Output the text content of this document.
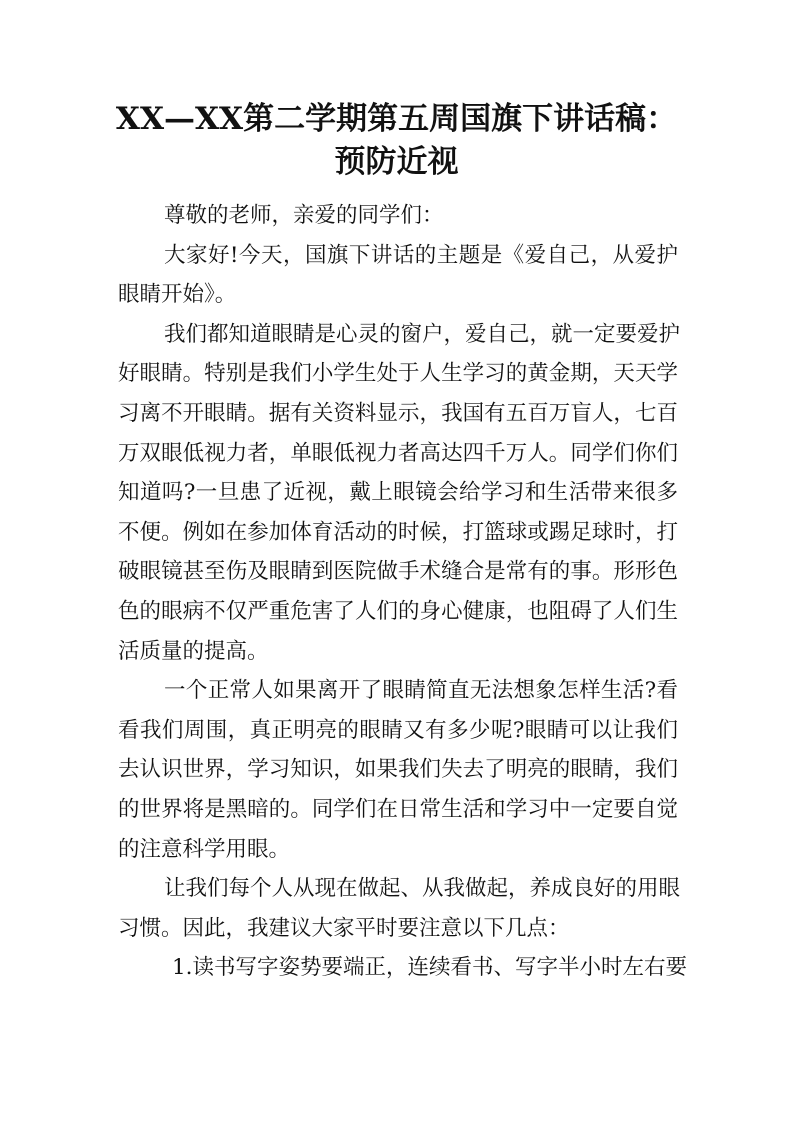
XX—XX第二学期第五周国旗下讲话稿：
预防近视
尊敬的老师，亲爱的同学们：
大家好!今天，国旗下讲话的主题是《爱自己，从爱护
眼睛开始》。
我们都知道眼睛是心灵的窗户，爱自己，就一定要爱护
好眼睛。特别是我们小学生处于人生学习的黄金期，天天学
习离不开眼睛。据有关资料显示，我国有五百万盲人，七百
万双眼低视力者，单眼低视力者高达四千万人。同学们你们
知道吗?一旦患了近视，戴上眼镜会给学习和生活带来很多
不便。例如在参加体育活动的时候，打篮球或踢足球时，打
破眼镜甚至伤及眼睛到医院做手术缝合是常有的事。形形色
色的眼病不仅严重危害了人们的身心健康，也阻碍了人们生
活质量的提高。
一个正常人如果离开了眼睛简直无法想象怎样生活?看
看我们周围，真正明亮的眼睛又有多少呢?眼睛可以让我们
去认识世界，学习知识，如果我们失去了明亮的眼睛，我们
的世界将是黑暗的。同学们在日常生活和学习中一定要自觉
的注意科学用眼。
让我们每个人从现在做起、从我做起，养成良好的用眼
习惯。因此，我建议大家平时要注意以下几点：
1.读书写字姿势要端正，连续看书、写字半小时左右要
